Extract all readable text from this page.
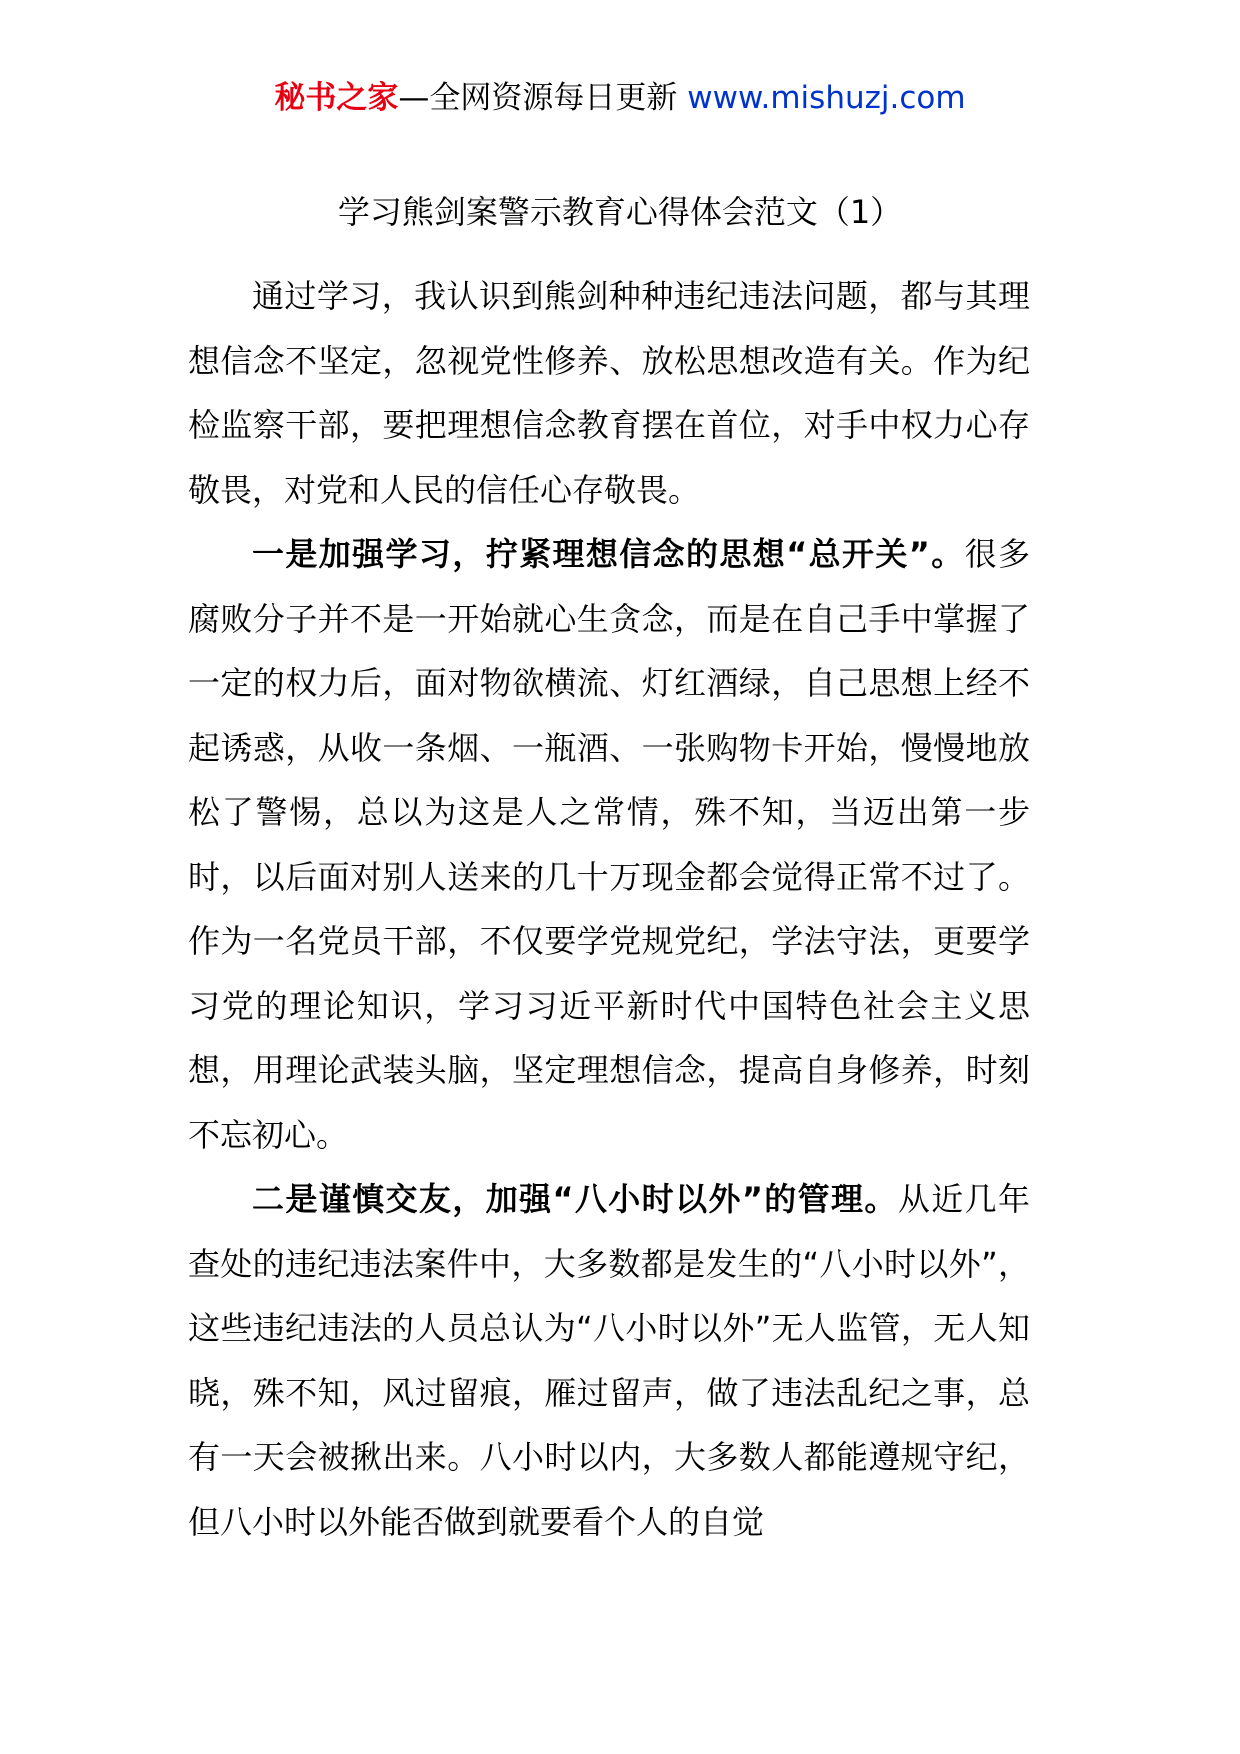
秘书之家—全网资源每日更新 www.mishuzj.com
学习熊剑案警示教育心得体会范文（1）

通过学习，我认识到熊剑种种违纪违法问题，都与其理想信念不坚定，忽视党性修养、放松思想改造有关。作为纪检监察干部，要把理想信念教育摆在首位，对手中权力心存敬畏，对党和人民的信任心存敬畏。

一是加强学习，拧紧理想信念的思想“总开关”。很多腐败分子并不是一开始就心生贪念，而是在自己手中掌握了一定的权力后，面对物欲横流、灯红酒绿，自己思想上经不起诱惑，从收一条烟、一瓶酒、一张购物卡开始，慢慢地放松了警惕，总以为这是人之常情，殊不知，当迈出第一步时，以后面对别人送来的几十万现金都会觉得正常不过了。作为一名党员干部，不仅要学党规党纪，学法守法，更要学习党的理论知识，学习习近平新时代中国特色社会主义思想，用理论武装头脑，坚定理想信念，提高自身修养，时刻不忘初心。

二是谨慎交友，加强“八小时以外”的管理。从近几年查处的违纪违法案件中，大多数都是发生的“八小时以外”，这些违纪违法的人员总认为“八小时以外”无人监管，无人知晓，殊不知，风过留痕，雁过留声，做了违法乱纪之事，总有一天会被揪出来。八小时以内，大多数人都能遵规守纪，但八小时以外能否做到就要看个人的自觉
